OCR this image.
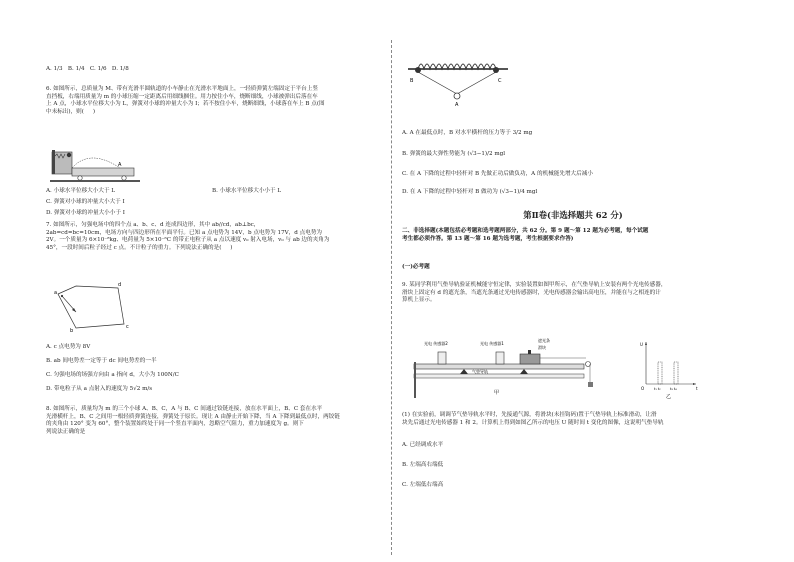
A. 1/3   B. 1/4   C. 1/6   D. 1/8
6. 如图所示，总质量为 M、带有光滑半圆轨道的小车静止在光滑水平地面上，一轻质弹簧左端固定于平台上竖
直挡板，右端用质量为 m 的小球压缩一定距离后用细线捆住。用力按住小车，烧断细线，小球被弹出后落在车
上 A 点，小球水平位移大小为 L，弹簧对小球的冲量大小为 I；若不按住小车，烧断细线，小球落在车上 B 点(图
中未标出)，则(     )
A
A. 小球水平位移大小大于 L	B. 小球水平位移大小小于 L
C. 弹簧对小球的冲量大小大于 I
D. 弹簧对小球的冲量大小小于 I
7. 如图所示，匀强电场中的四个点 a、b、c、d 连成四边形，其中 ab//cd，ab⊥bc，
2ab=cd=bc=10cm，电场方向与四边形所在平面平行。已知 a 点电势为 14V，b 点电势为 17V，d 点电势为
2V。一个质量为 6×10⁻⁸kg、电荷量为 5×10⁻⁶C 的带正电粒子从 a 点以速度 v₀ 射入电场，v₀ 与 ab 边的夹角为
45°，一段时间后粒子经过 c 点。不计粒子的重力。下列说法正确的是(     )
a
b
c
d
A. c 点电势为 8V
B. ab 间电势差一定等于 dc 间电势差的一半
C. 匀强电场的场强方向由 a 指向 d，大小为 100N/C
D. 带电粒子从 a 点射入的速度为 5√2 m/s
8. 如图所示，质量均为 m 的三个小球 A、B、C，A 与 B、C 间通过铰链连接，放在水平面上，B、C 套在水平
光滑横杆上，B、C 之间用一根轻质弹簧连接，弹簧处于原长。现让 A 由静止开始下降，当 A 下降到最低点时，两铰链
的夹角由 120° 变为 60°，整个装置始终处于同一个竖直平面内，忽略空气阻力，重力加速度为 g。则下
列说法正确的是
B	C
A
A. A 在最低点时，B 对水平横杆的压力等于 3/2 mg
B. 弹簧的最大弹性势能为 (√3−1)/2 mgl
C. 在 A 下降的过程中轻杆对 B 先做正功后做负功，A 的机械能先增大后减小
D. 在 A 下降的过程中轻杆对 B 做功为 (√3−1)/4 mgl
第Ⅱ卷(非选择题共 62 分)
二、非选择题(本题包括必考题和选考题两部分，共 62 分。第 9 题～第 12 题为必考题，每个试题
考生都必须作答。第 13 题～第 16 题为选考题，考生根据要求作答)
(一)必考题
9. 某同学利用气垫导轨验证机械能守恒定律，实验装置如图甲所示，在气垫导轨上安装有两个光电传感器，
滑块上固定有 d 的遮光条，当遮光条通过光电传感器时，光电传感器会输出高电压，并能在与之相连的计
算机上显示。
光电 传感器2	光电 传感器1
遮光条
滑块
气垫导轨
甲
U
t
O	t₁ t₂	t₃ t₄
乙
(1) 在实验前，调调节气垫导轨水平时，先接通气源，将滑块(未挂钩码)置于气垫导轨上标准滑动，让滑
块先后通过光电传感器 1 和 2。计算机上得到如图乙所示的电压 U 随时间 t 变化的图像，这说明气垫导轨
A. 已经调成水平
B. 左端高右端低
C. 左端低右端高
